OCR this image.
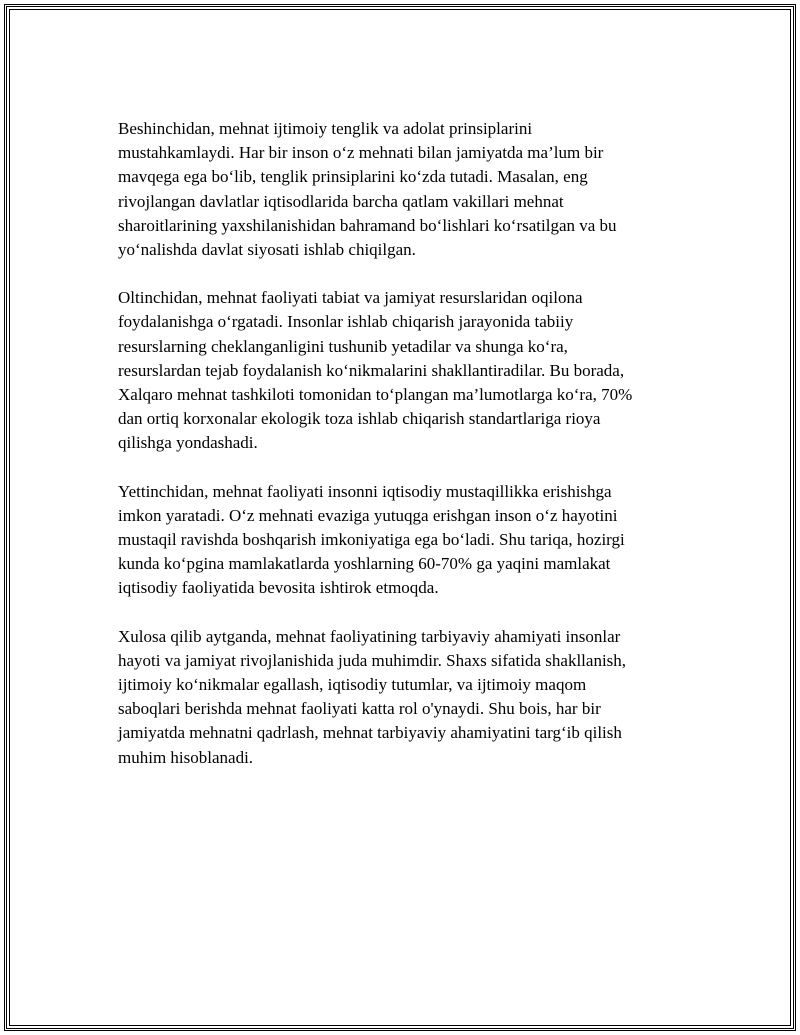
Beshinchidan, mehnat ijtimoiy tenglik va adolat prinsiplarini
mustahkamlaydi. Har bir inson o‘z mehnati bilan jamiyatda ma’lum bir
mavqega ega bo‘lib, tenglik prinsiplarini ko‘zda tutadi. Masalan, eng
rivojlangan davlatlar iqtisodlarida barcha qatlam vakillari mehnat
sharoitlarining yaxshilanishidan bahramand bo‘lishlari ko‘rsatilgan va bu
yo‘nalishda davlat siyosati ishlab chiqilgan.

Oltinchidan, mehnat faoliyati tabiat va jamiyat resurslaridan oqilona
foydalanishga o‘rgatadi. Insonlar ishlab chiqarish jarayonida tabiiy
resurslarning cheklanganligini tushunib yetadilar va shunga ko‘ra,
resurslardan tejab foydalanish ko‘nikmalarini shakllantiradilar. Bu borada,
Xalqaro mehnat tashkiloti tomonidan to‘plangan ma’lumotlarga ko‘ra, 70%
dan ortiq korxonalar ekologik toza ishlab chiqarish standartlariga rioya
qilishga yondashadi.

Yettinchidan, mehnat faoliyati insonni iqtisodiy mustaqillikka erishishga
imkon yaratadi. O‘z mehnati evaziga yutuqga erishgan inson o‘z hayotini
mustaqil ravishda boshqarish imkoniyatiga ega bo‘ladi. Shu tariqa, hozirgi
kunda ko‘pgina mamlakatlarda yoshlarning 60-70% ga yaqini mamlakat
iqtisodiy faoliyatida bevosita ishtirok etmoqda.

Xulosa qilib aytganda, mehnat faoliyatining tarbiyaviy ahamiyati insonlar
hayoti va jamiyat rivojlanishida juda muhimdir. Shaxs sifatida shakllanish,
ijtimoiy ko‘nikmalar egallash, iqtisodiy tutumlar, va ijtimoiy maqom
saboqlari berishda mehnat faoliyati katta rol o'ynaydi. Shu bois, har bir
jamiyatda mehnatni qadrlash, mehnat tarbiyaviy ahamiyatini targ‘ib qilish
muhim hisoblanadi.
